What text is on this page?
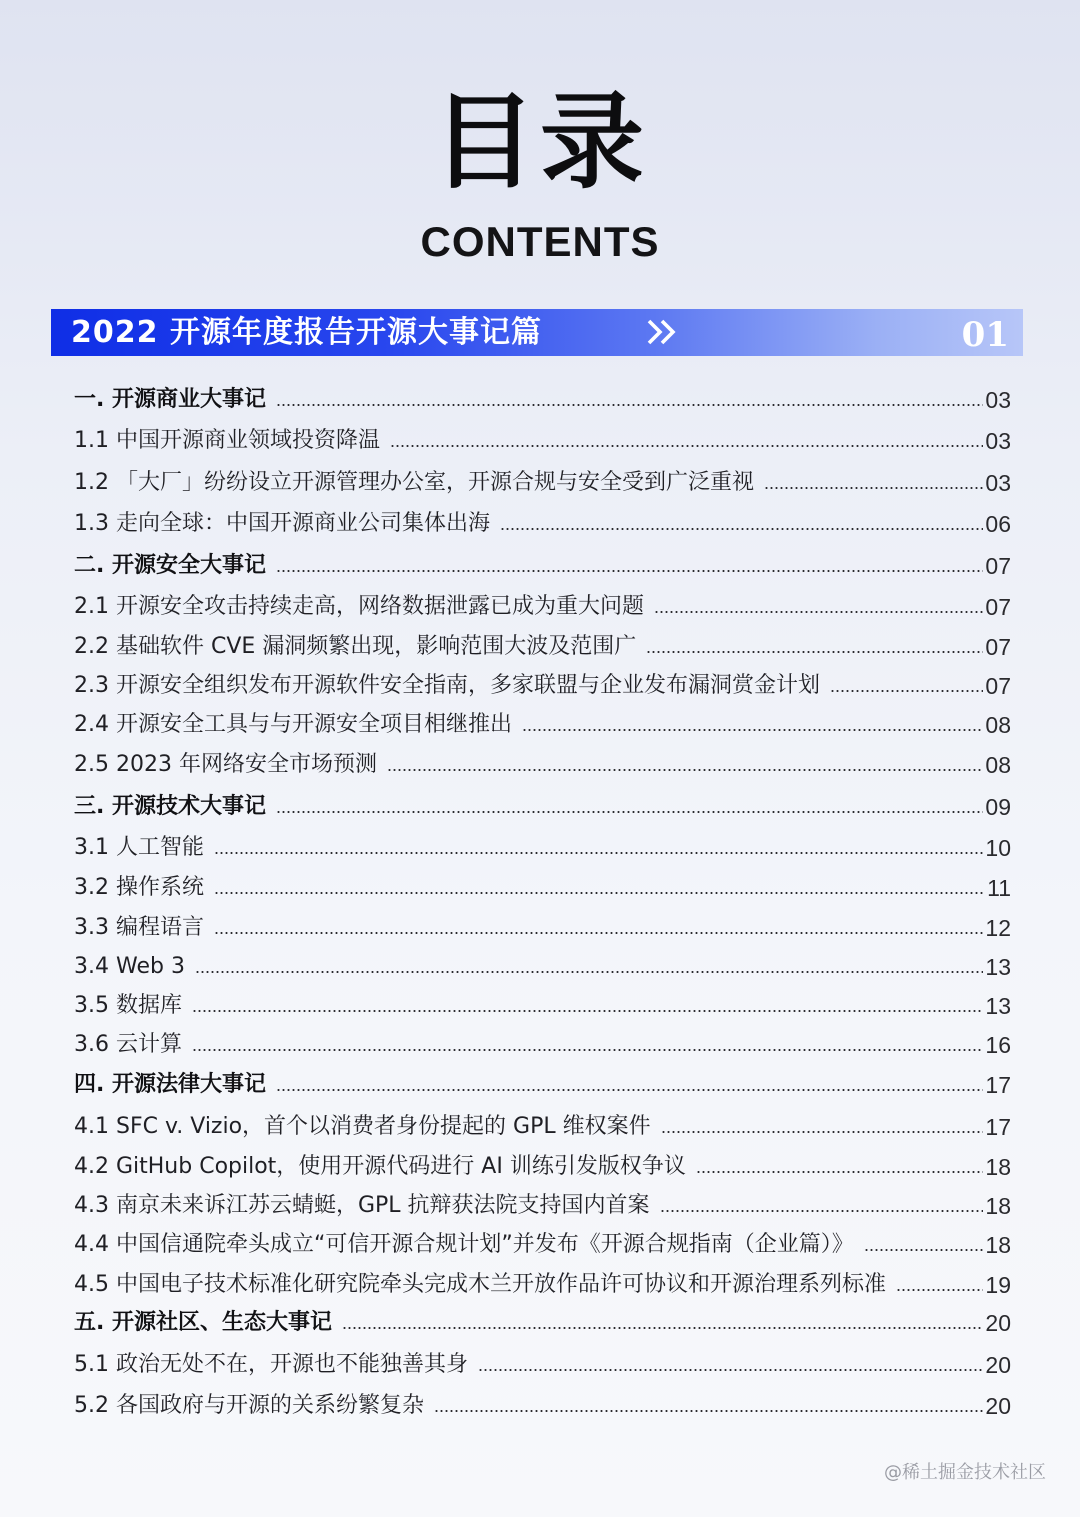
目录
CONTENTS
2022 开源年度报告开源大事记篇	01
一. 开源商业大事记	03
1.1 中国开源商业领域投资降温	03
1.2 「大厂」纷纷设立开源管理办公室，开源合规与安全受到广泛重视	03
1.3 走向全球：中国开源商业公司集体出海	06
二. 开源安全大事记	07
2.1 开源安全攻击持续走高，网络数据泄露已成为重大问题	07
2.2 基础软件 CVE 漏洞频繁出现，影响范围大波及范围广	07
2.3 开源安全组织发布开源软件安全指南，多家联盟与企业发布漏洞赏金计划	07
2.4 开源安全工具与与开源安全项目相继推出	08
2.5 2023 年网络安全市场预测	08
三. 开源技术大事记	09
3.1 人工智能	10
3.2 操作系统	11
3.3 编程语言	12
3.4 Web 3	13
3.5 数据库	13
3.6 云计算	16
四. 开源法律大事记	17
4.1 SFC v. Vizio，首个以消费者身份提起的 GPL 维权案件	17
4.2 GitHub Copilot，使用开源代码进行 AI 训练引发版权争议	18
4.3 南京未来诉江苏云蜻蜓，GPL 抗辩获法院支持国内首案	18
4.4 中国信通院牵头成立“可信开源合规计划”并发布《开源合规指南（企业篇）》	18
4.5 中国电子技术标准化研究院牵头完成木兰开放作品许可协议和开源治理系列标准	19
五. 开源社区、生态大事记	20
5.1 政治无处不在，开源也不能独善其身	20
5.2 各国政府与开源的关系纷繁复杂	20
@稀土掘金技术社区
